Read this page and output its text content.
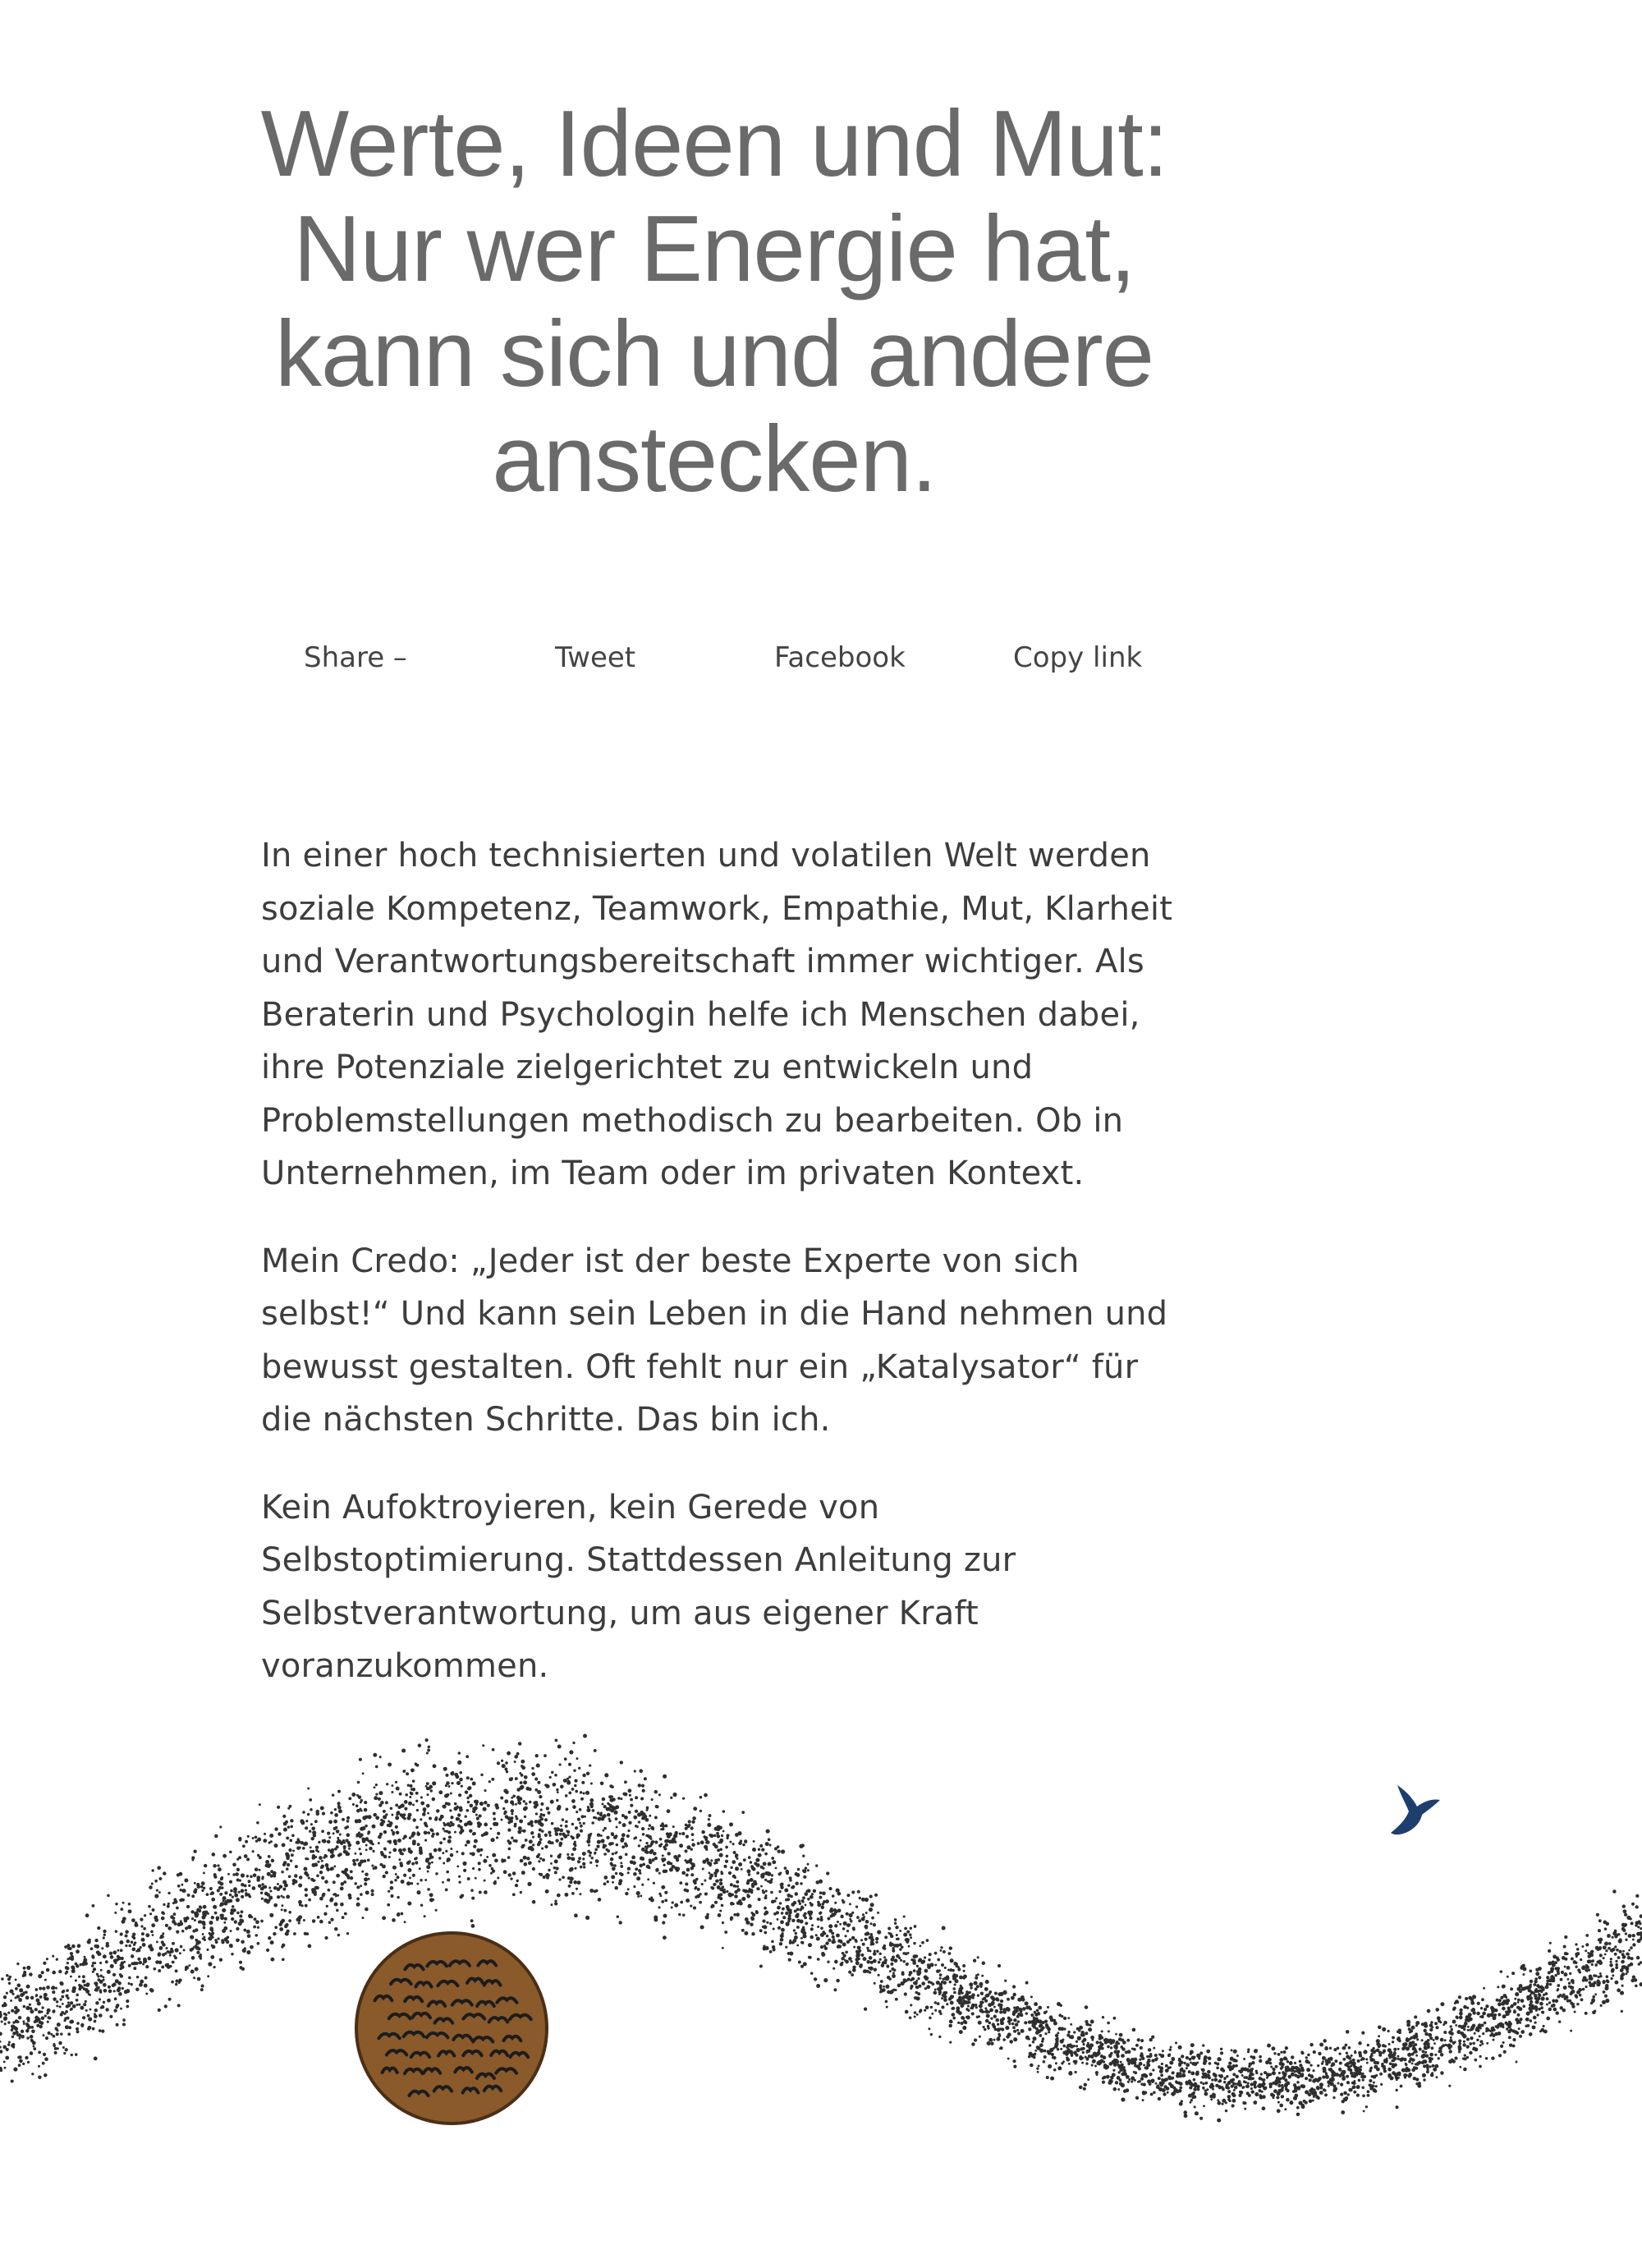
Werte, Ideen und Mut:
Nur wer Energie hat,
kann sich und andere
anstecken.
Share –	Tweet	Facebook	Copy link

In einer hoch technisierten und volatilen Welt werden soziale Kompetenz, Teamwork, Empathie, Mut, Klarheit und Verantwortungsbereitschaft immer wichtiger. Als Beraterin und Psychologin helfe ich Menschen dabei, ihre Potenziale zielgerichtet zu entwickeln und Problemstellungen methodisch zu bearbeiten. Ob in Unternehmen, im Team oder im privaten Kontext.

Mein Credo: „Jeder ist der beste Experte von sich selbst!“ Und kann sein Leben in die Hand nehmen und bewusst gestalten. Oft fehlt nur ein „Katalysator“ für die nächsten Schritte. Das bin ich.

Kein Aufoktroyieren, kein Gerede von Selbstoptimierung. Stattdessen Anleitung zur Selbstverantwortung, um aus eigener Kraft voranzukommen.
